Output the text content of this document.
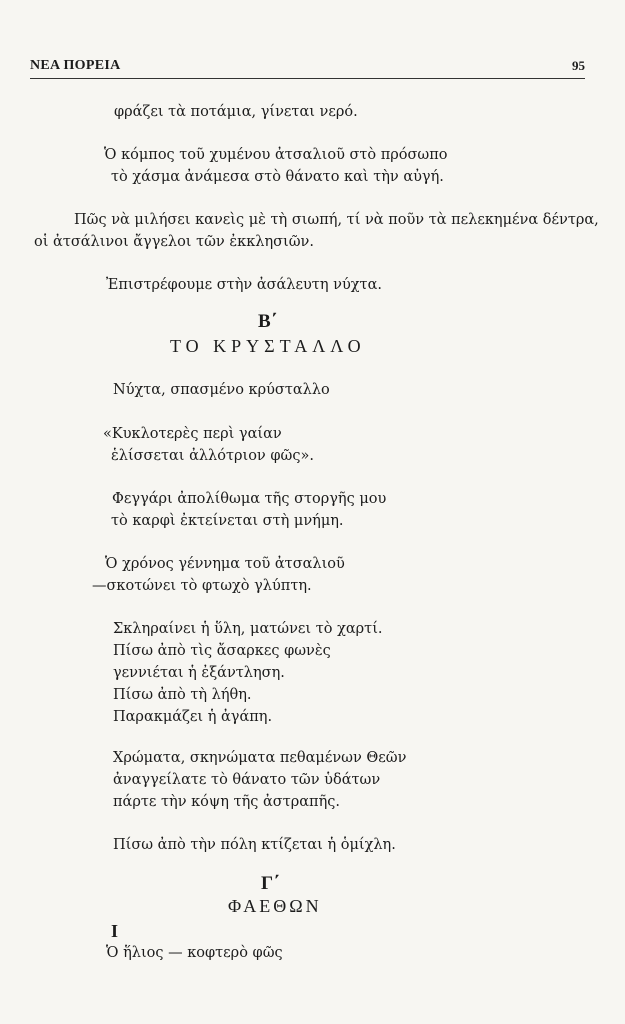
ΝΕΑ ΠΟΡΕΙΑ	95
φράζει τὰ ποτάμια, γίνεται νερό.
Ὁ κόμπος τοῦ χυμένου ἀτσαλιοῦ στὸ πρόσωπο
τὸ χάσμα ἀνάμεσα στὸ θάνατο καὶ τὴν αὐγή.
Πῶς νὰ μιλήσει κανεὶς μὲ τὴ σιωπή, τί νὰ ποῦν τὰ πελεκημένα δέντρα,
οἱ ἀτσάλινοι ἄγγελοι τῶν ἐκκλησιῶν.
Ἐπιστρέφουμε στὴν ἀσάλευτη νύχτα.
Β΄
ΤΟ ΚΡΥΣΤΑΛΛΟ
Νύχτα, σπασμένο κρύσταλλο
«Κυκλοτερὲς περὶ γαίαν
ἑλίσσεται ἀλλότριον φῶς».
Φεγγάρι ἀπολίθωμα τῆς στοργῆς μου
τὸ καρφὶ ἐκτείνεται στὴ μνήμη.
Ὁ χρόνος γέννημα τοῦ ἀτσαλιοῦ
—σκοτώνει τὸ φτωχὸ γλύπτη.
Σκληραίνει ἡ ὕλη, ματώνει τὸ χαρτί.
Πίσω ἀπὸ τὶς ἄσαρκες φωνὲς
γεννιέται ἡ ἐξάντληση.
Πίσω ἀπὸ τὴ λήθη.
Παρακμάζει ἡ ἀγάπη.
Χρώματα, σκηνώματα πεθαμένων Θεῶν
ἀναγγείλατε τὸ θάνατο τῶν ὑδάτων
πάρτε τὴν κόψη τῆς ἀστραπῆς.
Πίσω ἀπὸ τὴν πόλη κτίζεται ἡ ὁμίχλη.
Γ΄
ΦΑΕΘΩΝ
I
Ὁ ἥλιος — κοφτερὸ φῶς
